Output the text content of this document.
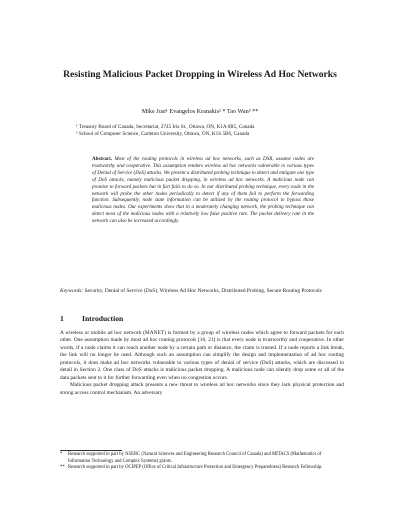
Resisting Malicious Packet Dropping in Wireless Ad Hoc Networks
Mike Just¹ Evangelos Kranakis² * Tao Wan² **
¹ Treasury Board of Canada, Secretariat, 2745 Iris St., Ottawa, ON, K1A 0R5, Canada
² School of Computer Science, Carleton University, Ottawa, ON, K1S 5B6, Canada
Abstract. Most of the routing protocols in wireless ad hoc networks, such as DSR, assume nodes are trustworthy and cooperative. This assumption renders wireless ad hoc networks vulnerable to various types of Denial of Service (DoS) attacks. We present a distributed probing technique to detect and mitigate one type of DoS attacks, namely malicious packet dropping, in wireless ad hoc networks. A malicious node can promise to forward packets but in fact fails to do so. In our distributed probing technique, every node in the network will probe the other nodes periodically to detect if any of them fail to perform the forwarding function. Subsequently, node state information can be utilized by the routing protocol to bypass those malicious nodes. Our experiments show that in a moderately changing network, the probing technique can detect most of the malicious nodes with a relatively low false positive rate. The packet delivery rate in the network can also be increased accordingly.
Keywords: Security, Denial of Service (DoS), Wireless Ad Hoc Networks, Distributed Probing, Secure Routing Protocols
1 Introduction

A wireless or mobile ad hoc network (MANET) is formed by a group of wireless nodes which agree to forward packets for each other. One assumption made by most ad hoc routing protocols [16, 21] is that every node is trustworthy and cooperative. In other words, if a node claims it can reach another node by a certain path or distance, the claim is trusted. If a node reports a link break, the link will no longer be used. Although such an assumption can simplify the design and implementation of ad hoc routing protocols, it does make ad hoc networks vulnerable to various types of denial of service (DoS) attacks, which are discussed in detail in Section 2. One class of DoS attacks is malicious packet dropping. A malicious node can silently drop some or all of the data packets sent to it for further forwarding even when no congestion occurs.

Malicious packet dropping attack presents a new threat to wireless ad hoc networks since they lack physical protection and strong access control mechanism. An adversary

*	Research supported in part by NSERC (Natural Sciences and Engineering Research Council of Canada) and MITACS (Mathematics of Information Technology and Complex Systems) grants.
** Research supported in part by OCIPEP (Office of Critical Infrastructure Protection and Emergency Preparedness) Research Fellowship.
